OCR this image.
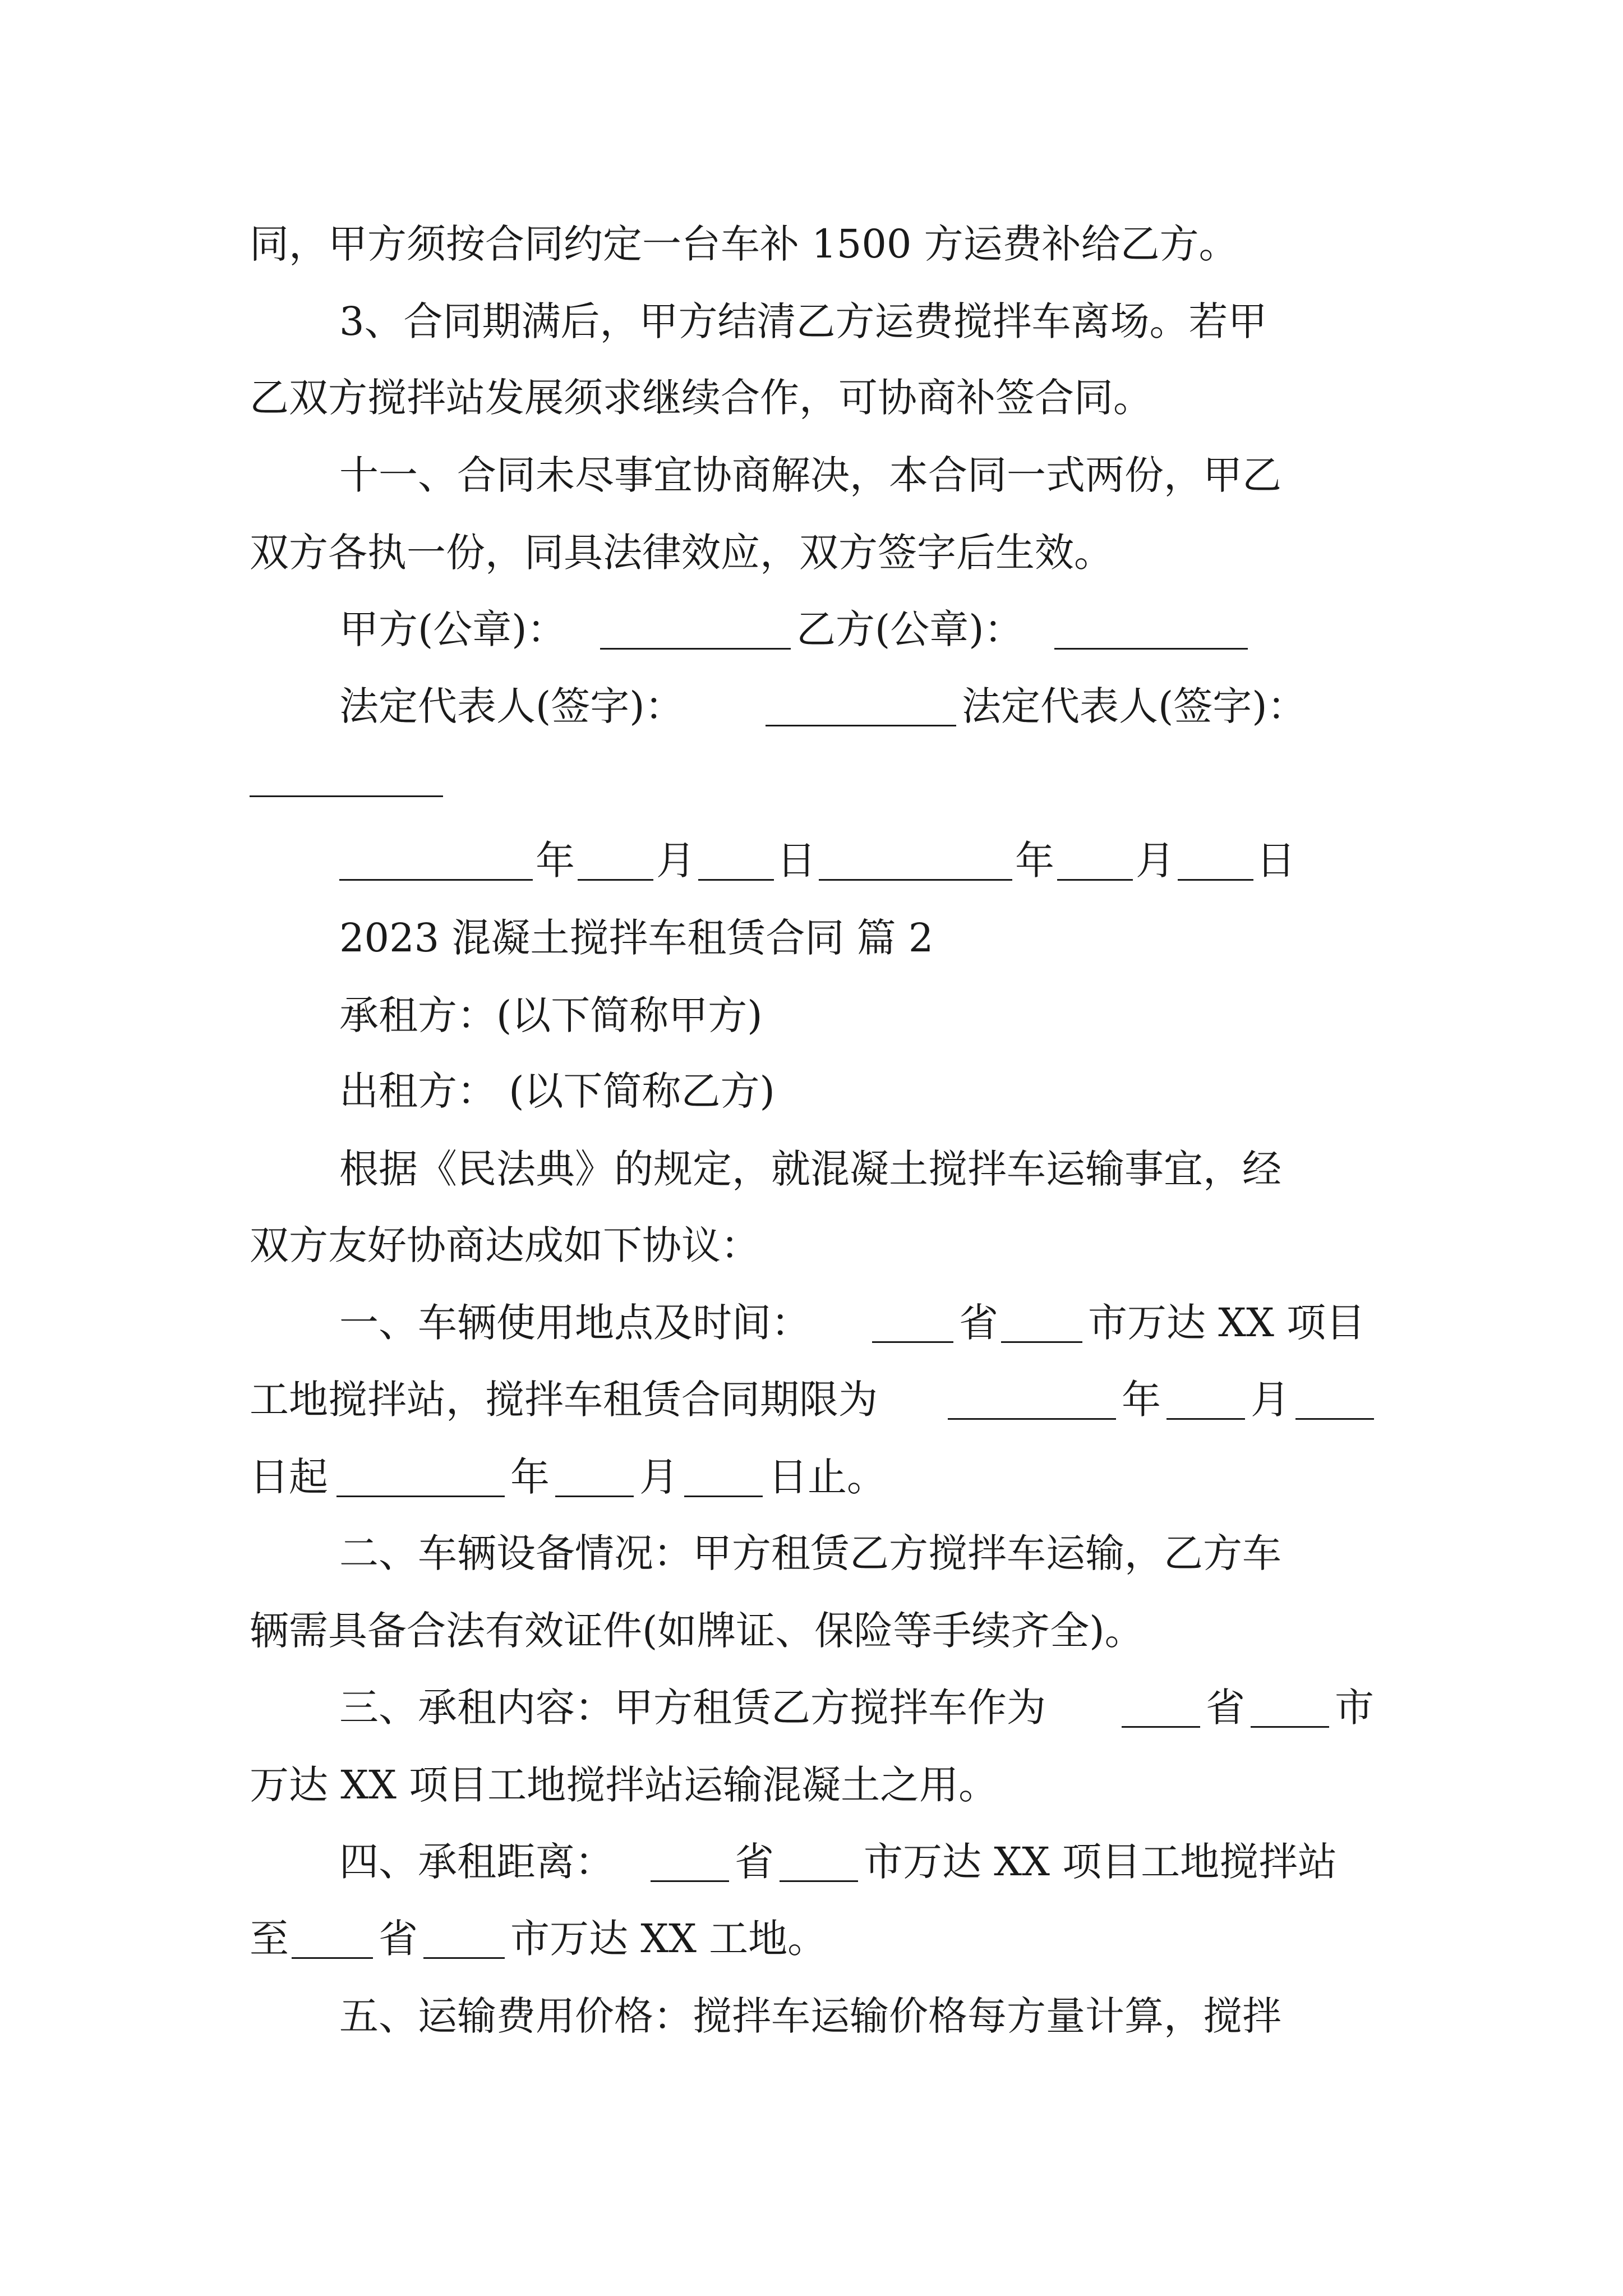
同，甲方须按合同约定一台车补 1500 方运费补给乙方。
3、合同期满后，甲方结清乙方运费搅拌车离场。若甲
乙双方搅拌站发展须求继续合作，可协商补签合同。
十一、合同未尽事宜协商解决，本合同一式两份，甲乙
双方各执一份，同具法律效应，双方签字后生效。
甲方(公章)：	乙方(公章)：
法定代表人(签字)：	法定代表人(签字)：
年 月 日	年 月 日
2023 混凝土搅拌车租赁合同 篇 2
承租方：(以下简称甲方)
出租方： (以下简称乙方)
根据《民法典》的规定，就混凝土搅拌车运输事宜，经
双方友好协商达成如下协议：
一、车辆使用地点及时间：	省 市万达 XX 项目
工地搅拌站，搅拌车租赁合同期限为	年 月
日起	年 月 日止。
二、车辆设备情况：甲方租赁乙方搅拌车运输，乙方车
辆需具备合法有效证件(如牌证、保险等手续齐全)。
三、承租内容：甲方租赁乙方搅拌车作为	省 市
万达 XX 项目工地搅拌站运输混凝土之用。
四、承租距离：	省 市万达 XX 项目工地搅拌站
至 省 市万达 XX 工地。
五、运输费用价格：搅拌车运输价格每方量计算，搅拌
